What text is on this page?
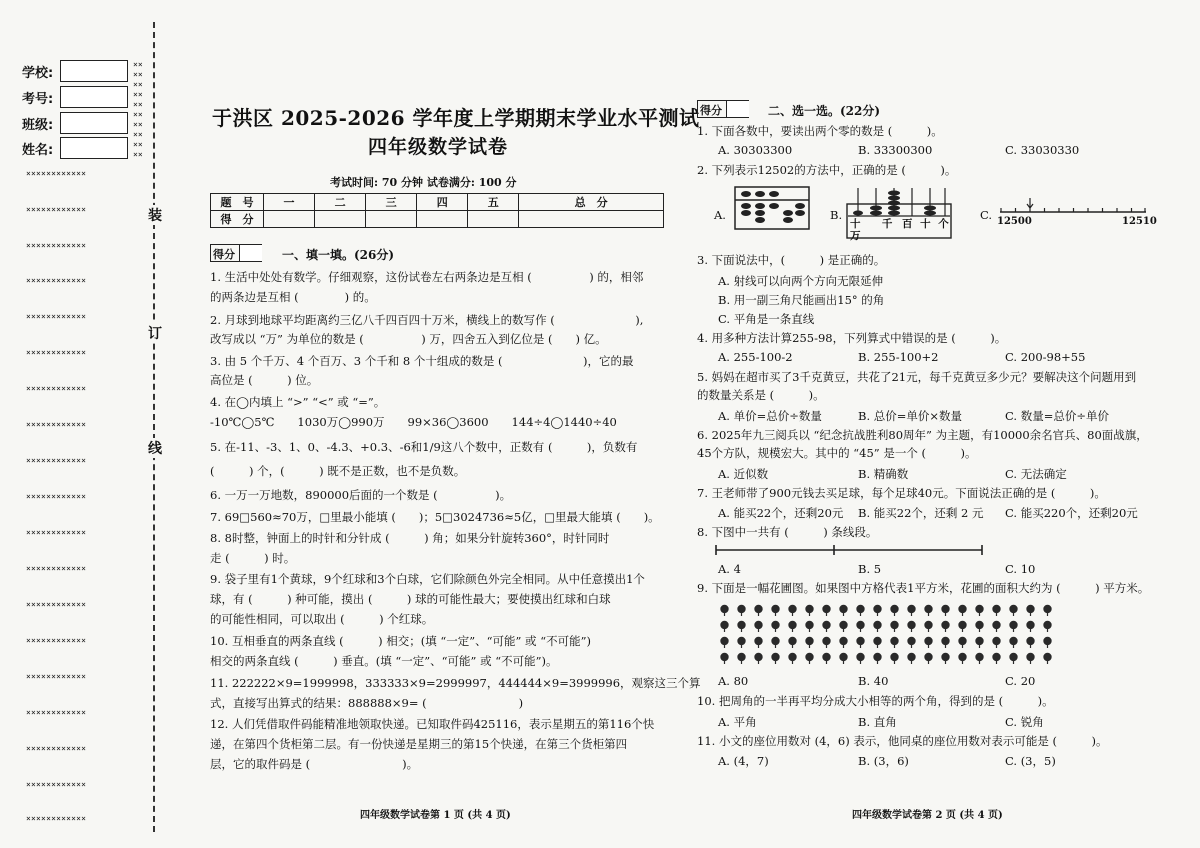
学校:
考号:
班级:
姓名:
××
××
××
××
××
××
××
××
××
××
××××××××××××
××××××××××××
××××××××××××
××××××××××××
××××××××××××
××××××××××××
××××××××××××
××××××××××××
××××××××××××
××××××××××××
××××××××××××
××××××××××××
××××××××××××
××××××××××××
××××××××××××
××××××××××××
××××××××××××
××××××××××××
××××××××××××
装
订
线
于洪区 2025-2026 学年度上学期期末学业水平测试
四年级数学试卷
考试时间: 70 分钟 试卷满分: 100 分
题　号	一	二	三	四	五	总　分
得　分						
得分	一、填一填。(26分)
1. 生活中处处有数学。仔细观察，这份试卷左右两条边是互相 (　　　　　) 的，相邻
的两条边是互相 (　　　　) 的。
2. 月球到地球平均距离约三亿八千四百四十万米，横线上的数写作 (　　　　　　　),
改写成以 “万” 为单位的数是 (　　　　　) 万，四舍五入到亿位是 (　　) 亿。
3. 由 5 个千万、4 个百万、3 个千和 8 个十组成的数是 (　　　　　　　)，它的最
高位是 (　　　) 位。
4. 在◯内填上 “>” “<” 或 “=”。
-10℃◯5℃　　1030万◯990万　　99×36◯3600　　144÷4◯1440÷40
5. 在-11、-3、1、0、-4.3、+0.3、-6和1/9这八个数中，正数有 (　　　)，负数有
(　　　) 个，(　　　) 既不是正数，也不是负数。
6. 一万一万地数，890000后面的一个数是 (　　　　　)。
7. 69□560≈70万，□里最小能填 (　　)；5□3024736≈5亿，□里最大能填 (　　)。
8. 8时整，钟面上的时针和分针成 (　　　) 角；如果分针旋转360°，时针同时
走 (　　　) 时。
9. 袋子里有1个黄球，9个红球和3个白球，它们除颜色外完全相同。从中任意摸出1个
球，有 (　　　) 种可能，摸出 (　　　) 球的可能性最大；要使摸出红球和白球
的可能性相同，可以取出 (　　　) 个红球。
10. 互相垂直的两条直线 (　　　) 相交；(填 “一定”、“可能” 或 “不可能”)
相交的两条直线 (　　　) 垂直。(填 “一定”、“可能” 或 “不可能”)。
11. 222222×9=1999998，333333×9=2999997，444444×9=3999996，观察这三个算
式，直接写出算式的结果：888888×9= (　　　　　　　　)
12. 人们凭借取件码能精准地领取快递。已知取件码425116，表示星期五的第116个快
递，在第四个货柜第二层。有一份快递是星期三的第15个快递，在第三个货柜第四
层，它的取件码是 (　　　　　　　　)。
四年级数学试卷第 1 页 (共 4 页)
得分	二、选一选。(22分)
1. 下面各数中，要读出两个零的数是 (　　　)。
A. 30303300	B. 33300300	C. 33030330
2. 下列表示12502的方法中，正确的是 (　　　)。
A.	B.
十 千 百 十 个
万
C. 12500	12510
3. 下面说法中，(　　　) 是正确的。
A. 射线可以向两个方向无限延伸
B. 用一副三角尺能画出15° 的角
C. 平角是一条直线
4. 用多种方法计算255-98，下列算式中错误的是 (　　　)。
A. 255-100-2	B. 255-100+2	C. 200-98+55
5. 妈妈在超市买了3千克黄豆，共花了21元，每千克黄豆多少元？要解决这个问题用到
的数量关系是 (　　　)。
A. 单价=总价÷数量	B. 总价=单价×数量	C. 数量=总价÷单价
6. 2025年九三阅兵以 “纪念抗战胜利80周年” 为主题，有10000余名官兵、80面战旗，
45个方队，规模宏大。其中的 “45” 是一个 (　　　)。
A. 近似数	B. 精确数	C. 无法确定
7. 王老师带了900元钱去买足球，每个足球40元。下面说法正确的是 (　　　)。
A. 能买22个，还剩20元 B. 能买22个，还剩 2 元 C. 能买220个，还剩20元
8. 下图中一共有 (　　　) 条线段。
A. 4	B. 5	C. 10
9. 下面是一幅花圃图。如果图中方格代表1平方米，花圃的面积大约为 (　　　) 平方米。
A. 80	B. 40	C. 20
10. 把周角的一半再平均分成大小相等的两个角，得到的是 (　　　)。
A. 平角	B. 直角	C. 锐角
11. 小文的座位用数对 (4，6) 表示，他同桌的座位用数对表示可能是 (　　　)。
A. (4，7)	B. (3，6)	C. (3，5)
四年级数学试卷第 2 页 (共 4 页)
